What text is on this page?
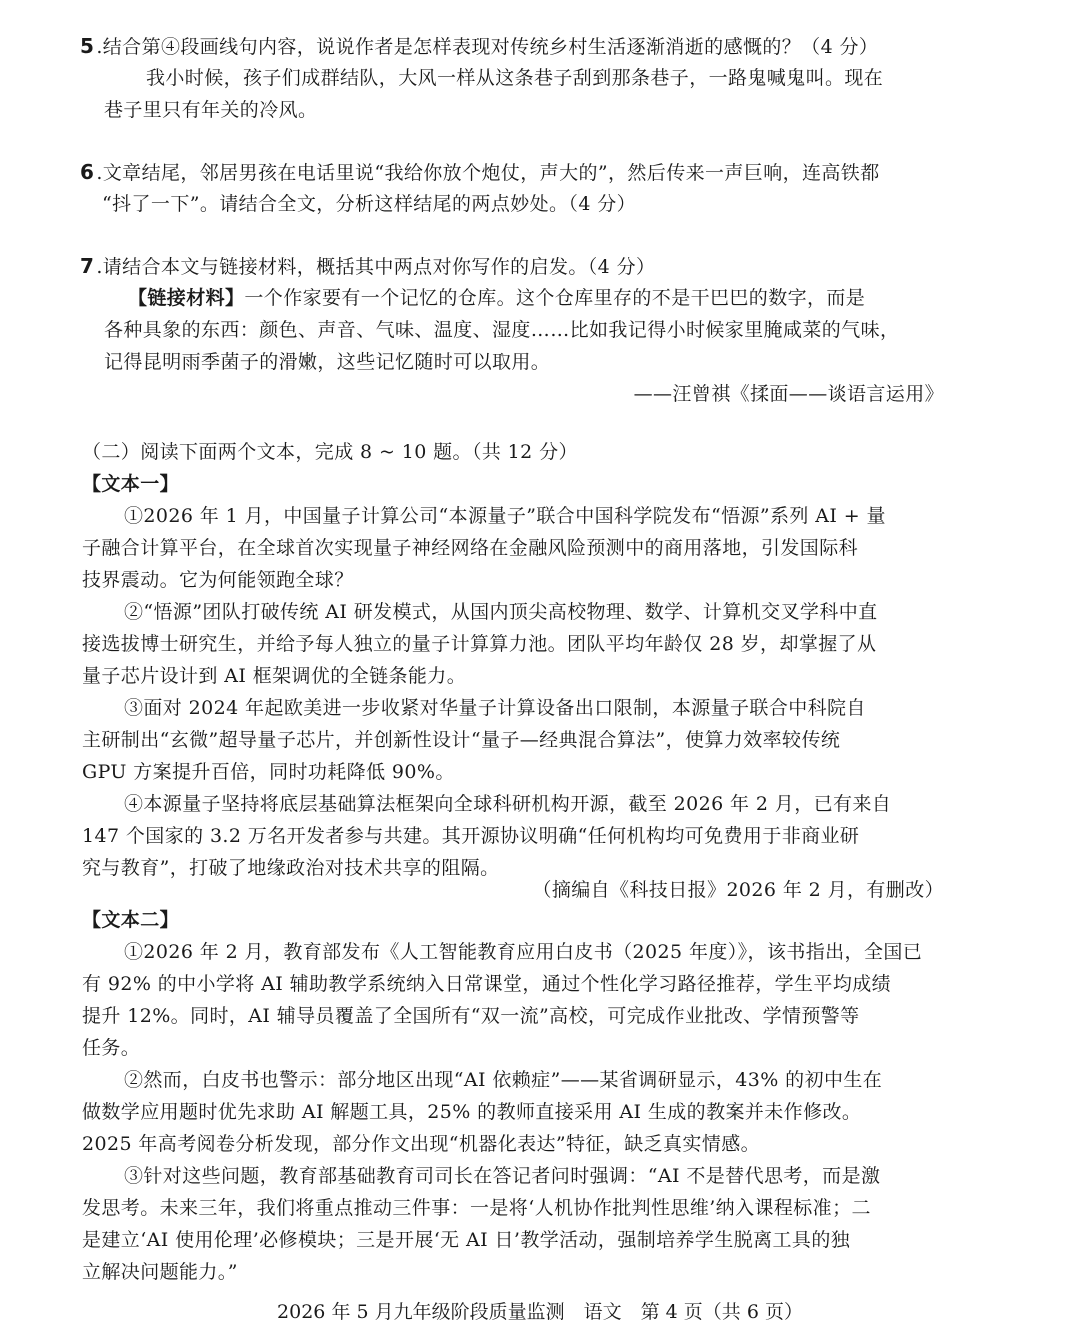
5 .结合第④段画线句内容，说说作者是怎样表现对传统乡村生活逐渐消逝的感慨的？（4 分）
我小时候，孩子们成群结队，大风一样从这条巷子刮到那条巷子，一路鬼喊鬼叫。现在
巷子里只有年关的冷风。
6 .文章结尾，邻居男孩在电话里说“我给你放个炮仗，声大的”，然后传来一声巨响，连高铁都
“抖了一下”。请结合全文，分析这样结尾的两点妙处。（4 分）
7 .请结合本文与链接材料，概括其中两点对你写作的启发。（4 分）
【链接材料】一个作家要有一个记忆的仓库。这个仓库里存的不是干巴巴的数字，而是
各种具象的东西：颜色、声音、气味、温度、湿度……比如我记得小时候家里腌咸菜的气味，
记得昆明雨季菌子的滑嫩，这些记忆随时可以取用。
——汪曾祺《揉面——谈语言运用》
（二）阅读下面两个文本，完成 8 ~ 10 题。（共 12 分）
【文本一】
①2026 年 1 月，中国量子计算公司“本源量子”联合中国科学院发布“悟源”系列 AI + 量
子融合计算平台，在全球首次实现量子神经网络在金融风险预测中的商用落地，引发国际科
技界震动。它为何能领跑全球？
②“悟源”团队打破传统 AI 研发模式，从国内顶尖高校物理、数学、计算机交叉学科中直
接选拔博士研究生，并给予每人独立的量子计算算力池。团队平均年龄仅 28 岁，却掌握了从
量子芯片设计到 AI 框架调优的全链条能力。
③面对 2024 年起欧美进一步收紧对华量子计算设备出口限制，本源量子联合中科院自
主研制出“玄微”超导量子芯片，并创新性设计“量子—经典混合算法”，使算力效率较传统
GPU 方案提升百倍，同时功耗降低 90%。
④本源量子坚持将底层基础算法框架向全球科研机构开源，截至 2026 年 2 月，已有来自
147 个国家的 3.2 万名开发者参与共建。其开源协议明确“任何机构均可免费用于非商业研
究与教育”，打破了地缘政治对技术共享的阻隔。
（摘编自《科技日报》2026 年 2 月，有删改）
【文本二】
①2026 年 2 月，教育部发布《人工智能教育应用白皮书（2025 年度）》，该书指出，全国已
有 92% 的中小学将 AI 辅助教学系统纳入日常课堂，通过个性化学习路径推荐，学生平均成绩
提升 12%。同时，AI 辅导员覆盖了全国所有“双一流”高校，可完成作业批改、学情预警等
任务。
②然而，白皮书也警示：部分地区出现“AI 依赖症”——某省调研显示，43% 的初中生在
做数学应用题时优先求助 AI 解题工具，25% 的教师直接采用 AI 生成的教案并未作修改。
2025 年高考阅卷分析发现，部分作文出现“机器化表达”特征，缺乏真实情感。
③针对这些问题，教育部基础教育司司长在答记者问时强调：“AI 不是替代思考，而是激
发思考。未来三年，我们将重点推动三件事：一是将‘人机协作批判性思维’纳入课程标准；二
是建立‘AI 使用伦理’必修模块；三是开展‘无 AI 日’教学活动，强制培养学生脱离工具的独
立解决问题能力。”
2026 年 5 月九年级阶段质量监测　语文　第 4 页（共 6 页）
